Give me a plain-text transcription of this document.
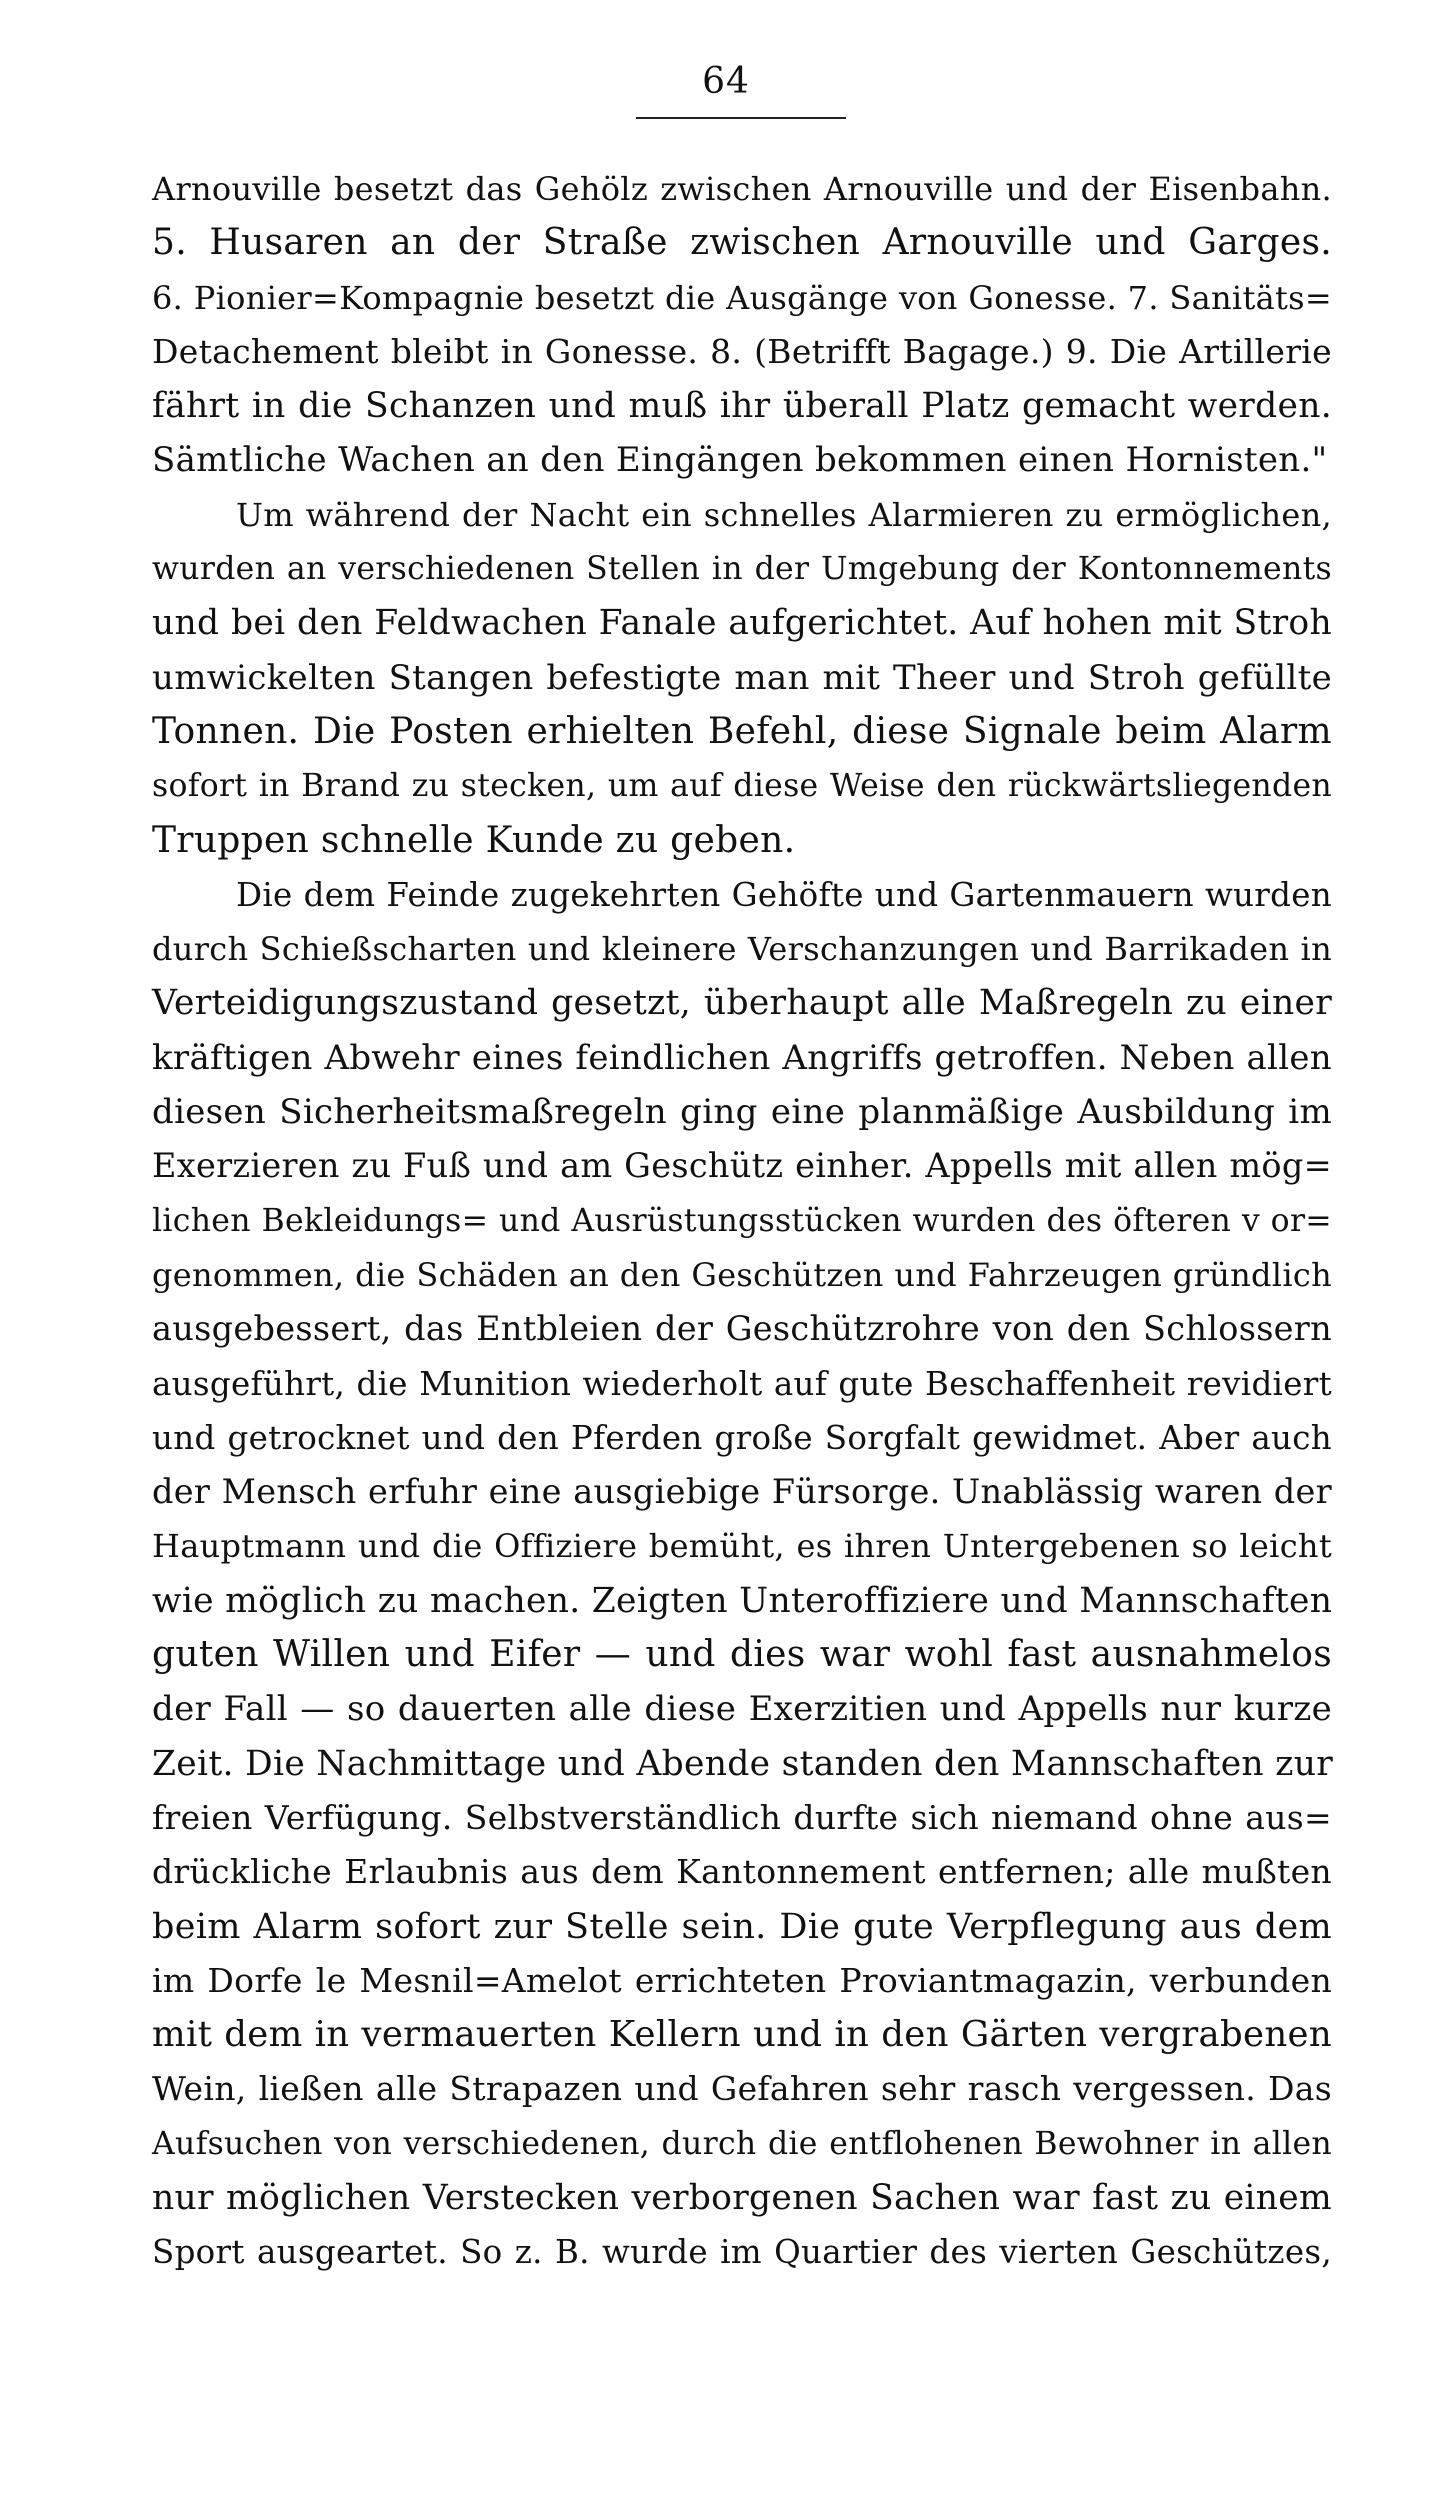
64
Arnouville besetzt das Gehölz zwischen Arnouville und der Eisenbahn.
5. Husaren an der Straße zwischen Arnouville und Garges.
6. Pionier=Kompagnie besetzt die Ausgänge von Gonesse. 7. Sanitäts=
Detachement bleibt in Gonesse. 8. (Betrifft Bagage.) 9. Die Artillerie
fährt in die Schanzen und muß ihr überall Platz gemacht werden.
Sämtliche Wachen an den Eingängen bekommen einen Hornisten."
Um während der Nacht ein schnelles Alarmieren zu ermöglichen,
wurden an verschiedenen Stellen in der Umgebung der Kontonnements
und bei den Feldwachen Fanale aufgerichtet. Auf hohen mit Stroh
umwickelten Stangen befestigte man mit Theer und Stroh gefüllte
Tonnen. Die Posten erhielten Befehl, diese Signale beim Alarm
sofort in Brand zu stecken, um auf diese Weise den rückwärtsliegenden
Truppen schnelle Kunde zu geben.
Die dem Feinde zugekehrten Gehöfte und Gartenmauern wurden
durch Schießscharten und kleinere Verschanzungen und Barrikaden in
Verteidigungszustand gesetzt, überhaupt alle Maßregeln zu einer
kräftigen Abwehr eines feindlichen Angriffs getroffen. Neben allen
diesen Sicherheitsmaßregeln ging eine planmäßige Ausbildung im
Exerzieren zu Fuß und am Geschütz einher. Appells mit allen mög=
lichen Bekleidungs= und Ausrüstungsstücken wurden des öfteren v or=
genommen, die Schäden an den Geschützen und Fahrzeugen gründlich
ausgebessert, das Entbleien der Geschützrohre von den Schlossern
ausgeführt, die Munition wiederholt auf gute Beschaffenheit revidiert
und getrocknet und den Pferden große Sorgfalt gewidmet. Aber auch
der Mensch erfuhr eine ausgiebige Fürsorge. Unablässig waren der
Hauptmann und die Offiziere bemüht, es ihren Untergebenen so leicht
wie möglich zu machen. Zeigten Unteroffiziere und Mannschaften
guten Willen und Eifer — und dies war wohl fast ausnahmelos
der Fall — so dauerten alle diese Exerzitien und Appells nur kurze
Zeit. Die Nachmittage und Abende standen den Mannschaften zur
freien Verfügung. Selbstverständlich durfte sich niemand ohne aus=
drückliche Erlaubnis aus dem Kantonnement entfernen; alle mußten
beim Alarm sofort zur Stelle sein. Die gute Verpflegung aus dem
im Dorfe le Mesnil=Amelot errichteten Proviantmagazin, verbunden
mit dem in vermauerten Kellern und in den Gärten vergrabenen
Wein, ließen alle Strapazen und Gefahren sehr rasch vergessen. Das
Aufsuchen von verschiedenen, durch die entflohenen Bewohner in allen
nur möglichen Verstecken verborgenen Sachen war fast zu einem
Sport ausgeartet. So z. B. wurde im Quartier des vierten Geschützes,
